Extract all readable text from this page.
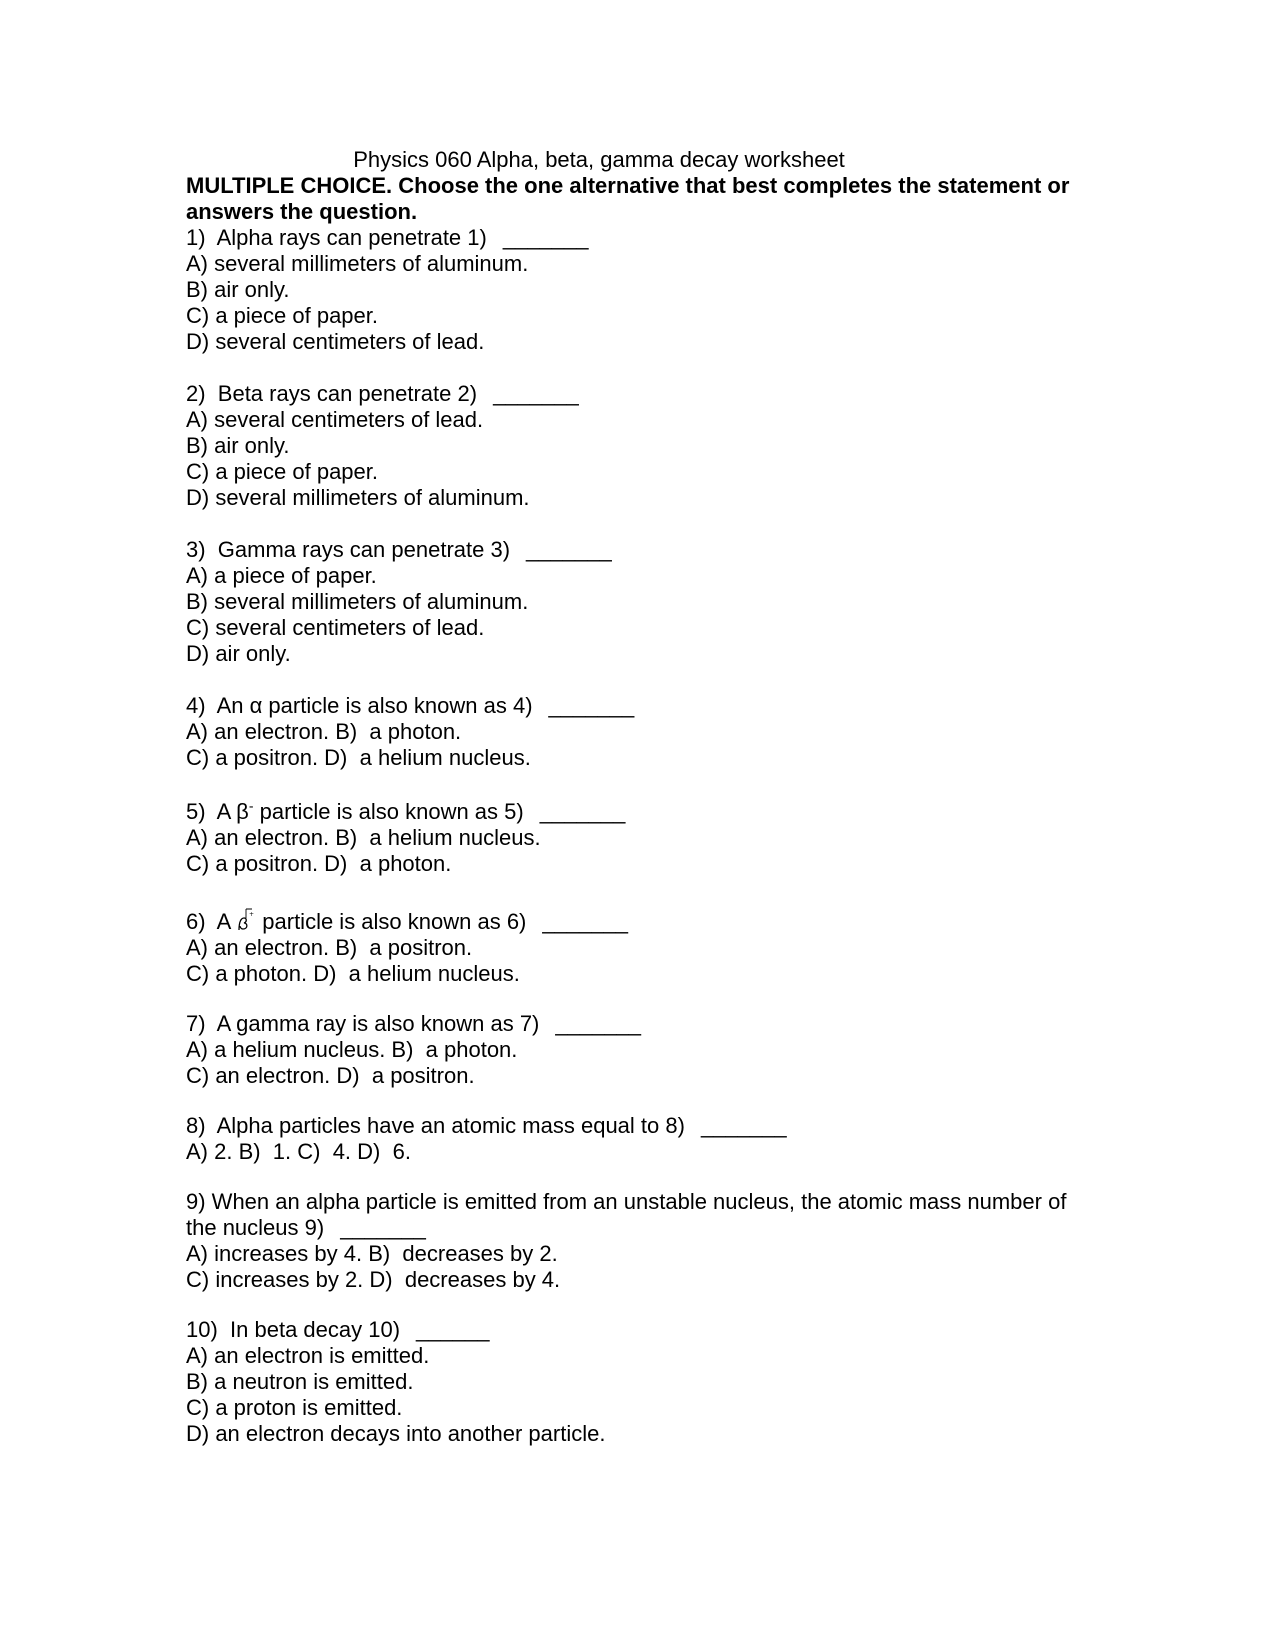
Physics 060 Alpha, beta, gamma decay worksheet
MULTIPLE CHOICE. Choose the one alternative that best completes the statement or answers the question.
1)  Alpha rays can penetrate 1) _______
A) several millimeters of aluminum.
B) air only.
C) a piece of paper.
D) several centimeters of lead.
2)  Beta rays can penetrate 2) _______
A) several centimeters of lead.
B) air only.
C) a piece of paper.
D) several millimeters of aluminum.
3)  Gamma rays can penetrate 3) _______
A) a piece of paper.
B) several millimeters of aluminum.
C) several centimeters of lead.
D) air only.
4)  An α particle is also known as 4) _______
A) an electron. B)  a photon.
C) a positron. D)  a helium nucleus.
5)  A β- particle is also known as 5) _______
A) an electron. B)  a helium nucleus.
C) a positron. D)  a photon.
6)  A + particle is also known as 6) _______
A) an electron. B)  a positron.
C) a photon. D)  a helium nucleus.
7)  A gamma ray is also known as 7) _______
A) a helium nucleus. B)  a photon.
C) an electron. D)  a positron.
8)  Alpha particles have an atomic mass equal to 8) _______
A) 2. B)  1. C)  4. D)  6.
9) When an alpha particle is emitted from an unstable nucleus, the atomic mass number of the nucleus 9) _______
A) increases by 4. B)  decreases by 2.
C) increases by 2. D)  decreases by 4.
10)  In beta decay 10) ______
A) an electron is emitted.
B) a neutron is emitted.
C) a proton is emitted.
D) an electron decays into another particle.
